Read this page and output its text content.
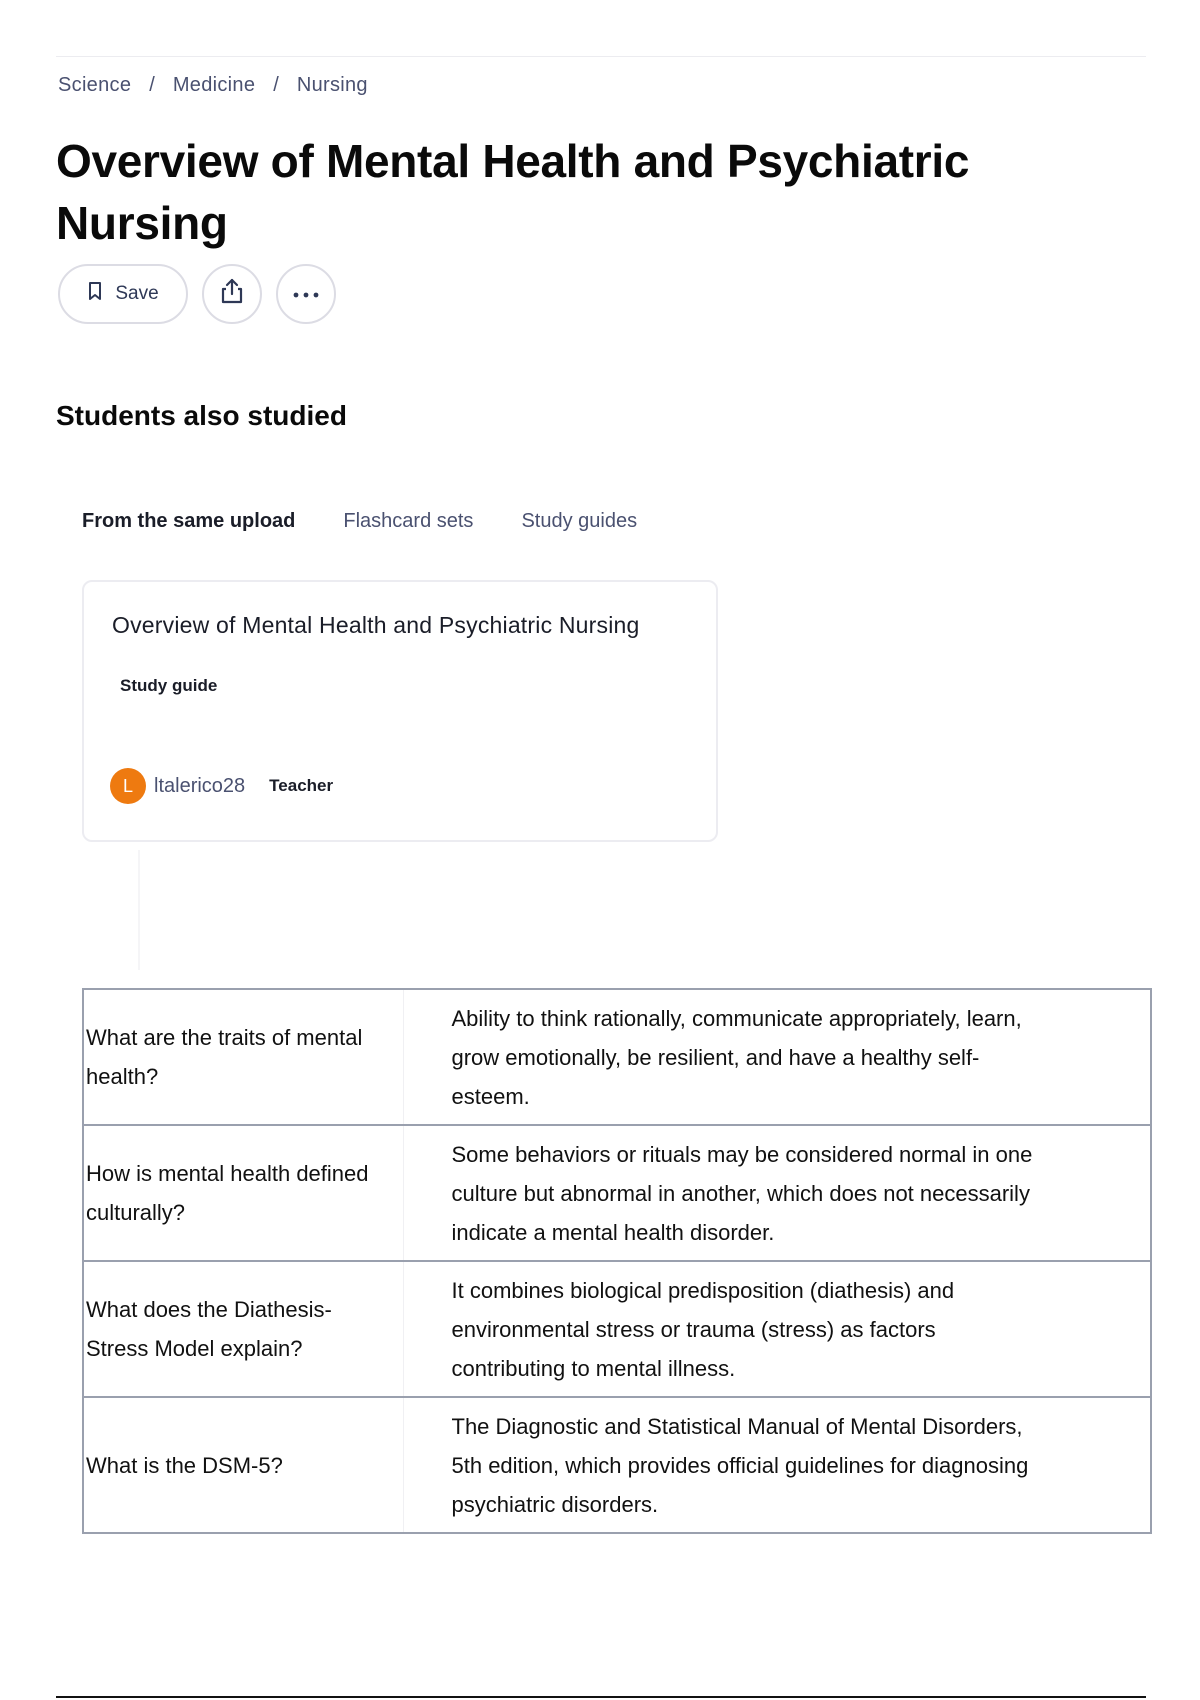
Science / Medicine / Nursing
Overview of Mental Health and Psychiatric Nursing
Save
Students also studied
From the same upload Flashcard sets Study guides
Overview of Mental Health and Psychiatric Nursing
Study guide
L	ltalerico28 Teacher
What are the traits of mental health?	Ability to think rationally, communicate appropriately, learn, grow emotionally, be resilient, and have a healthy self-esteem.
How is mental health defined culturally?	Some behaviors or rituals may be considered normal in one culture but abnormal in another, which does not necessarily indicate a mental health disorder.
What does the Diathesis-Stress Model explain?	It combines biological predisposition (diathesis) and environmental stress or trauma (stress) as factors contributing to mental illness.
What is the DSM-5?	The Diagnostic and Statistical Manual of Mental Disorders, 5th edition, which provides official guidelines for diagnosing psychiatric disorders.
